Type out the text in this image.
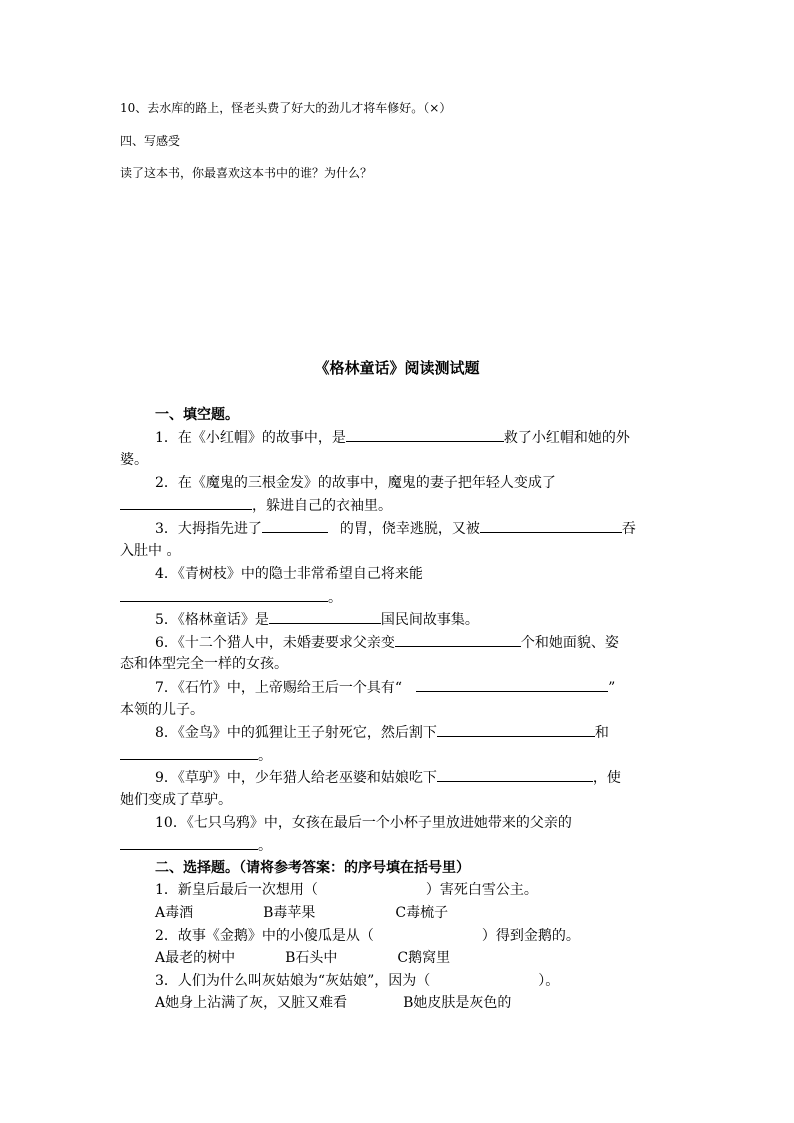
10、去水库的路上，怪老头费了好大的劲儿才将车修好。（×）
四、写感受
读了这本书，你最喜欢这本书中的谁？为什么？
《格林童话》阅读测试题
一、填空题。
1．在《小红帽》的故事中，是	救了小红帽和她的外
婆。
2．在《魔鬼的三根金发》的故事中，魔鬼的妻子把年轻人变成了
，躲进自己的衣袖里。
3．大拇指先进了	的胃，侥幸逃脱，又被	吞
入肚中 。
4．《青树枝》中的隐士非常希望自己将来能
。
5．《格林童话》是	国民间故事集。
6．《十二个猎人中，未婚妻要求父亲变	个和她面貌、姿
态和体型完全一样的女孩。
7．《石竹》中，上帝赐给王后一个具有“	”
本领的儿子。
8．《金鸟》中的狐狸让王子射死它，然后割下	和
。
9．《草驴》中，少年猎人给老巫婆和姑娘吃下	，使
她们变成了草驴。
10．《七只乌鸦》中，女孩在最后一个小杯子里放进她带来的父亲的
。
二、选择题。（请将参考答案：的序号填在括号里）
1．新皇后最后一次想用（	）害死白雪公主。
A毒酒	B毒苹果	C毒梳子
2．故事《金鹅》中的小傻瓜是从（	）得到金鹅的。
A最老的树中	B石头中	C鹅窝里
3．人们为什么叫灰姑娘为“灰姑娘”，因为（	）。
A她身上沾满了灰，又脏又难看	B她皮肤是灰色的
